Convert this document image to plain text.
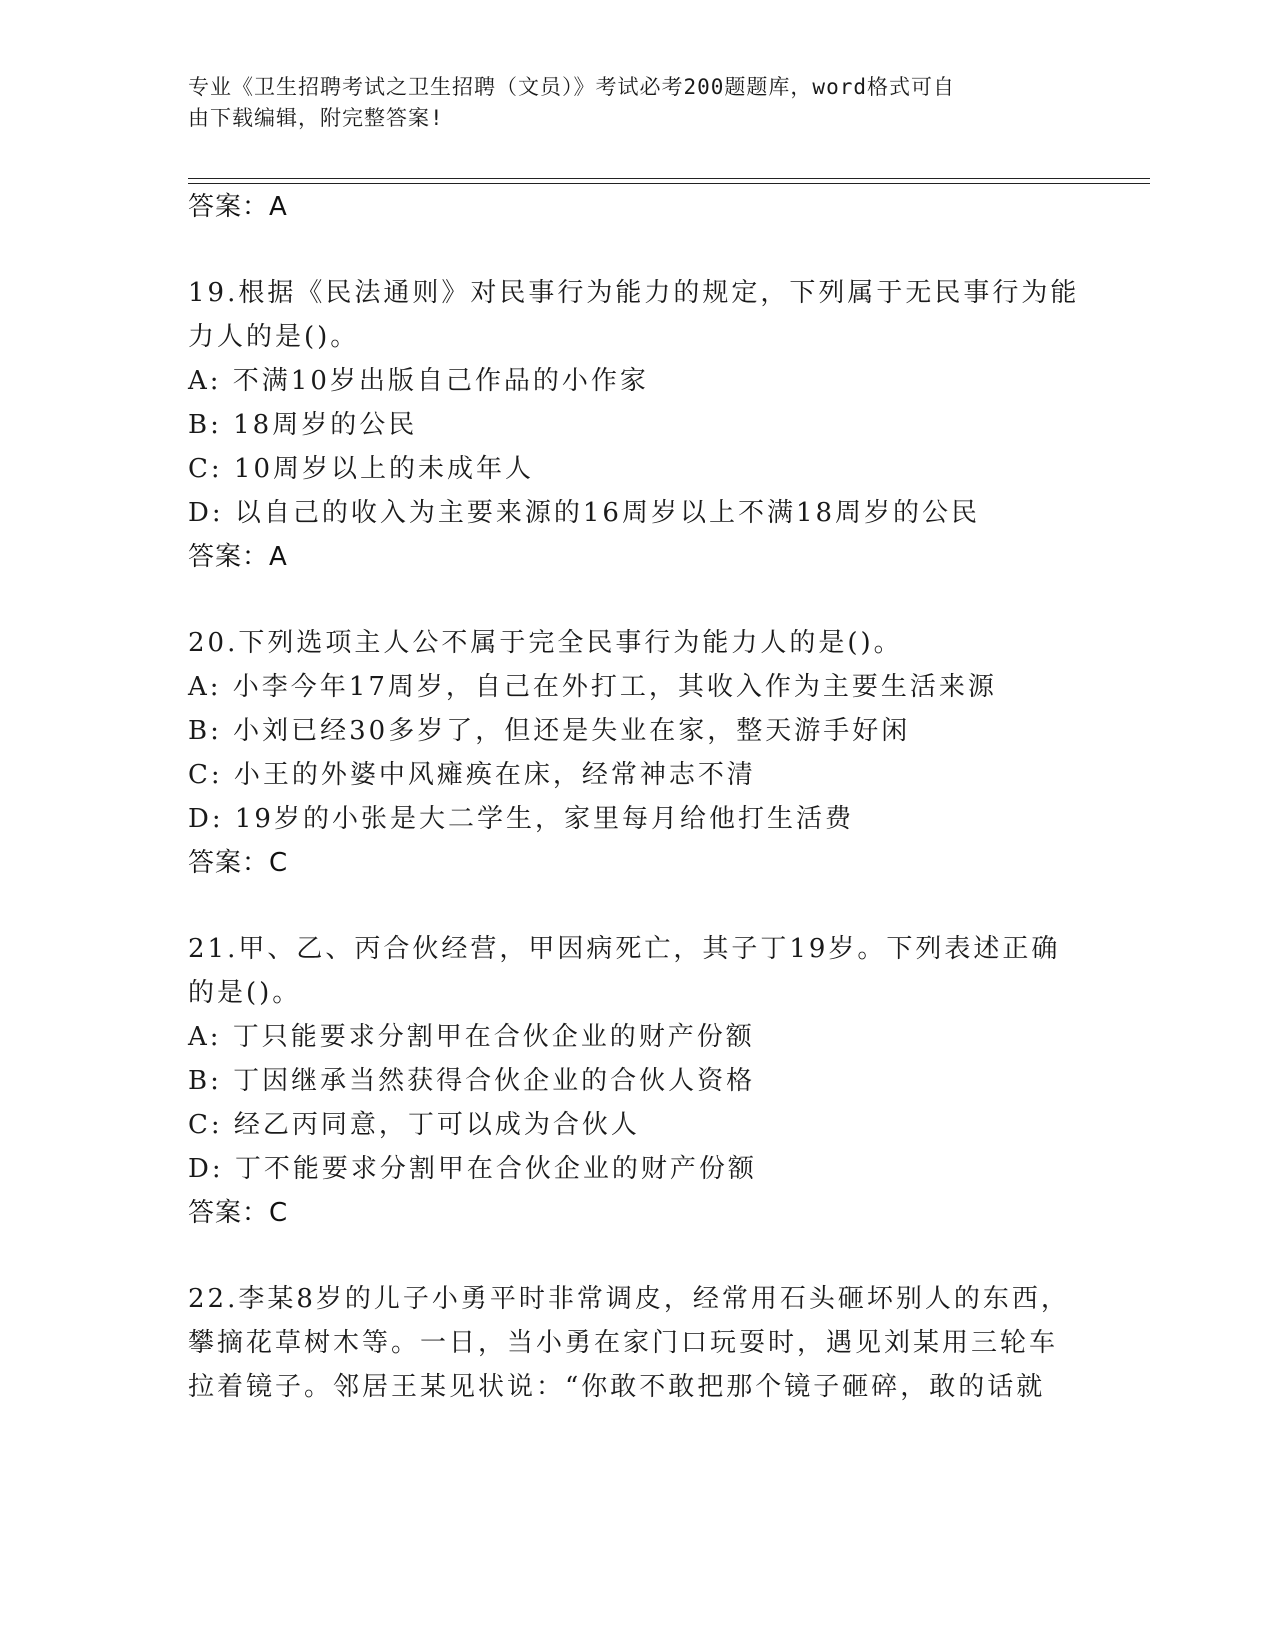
专业《卫生招聘考试之卫生招聘（文员）》考试必考200题题库，word格式可自
由下载编辑，附完整答案!
答案：A
19.根据《民法通则》对民事行为能力的规定，下列属于无民事行为能
力人的是()。
A: 不满10岁出版自己作品的小作家
B: 18周岁的公民
C: 10周岁以上的未成年人
D: 以自己的收入为主要来源的16周岁以上不满18周岁的公民
答案：A
20.下列选项主人公不属于完全民事行为能力人的是()。
A: 小李今年17周岁，自己在外打工，其收入作为主要生活来源
B: 小刘已经30多岁了，但还是失业在家，整天游手好闲
C: 小王的外婆中风瘫痪在床，经常神志不清
D: 19岁的小张是大二学生，家里每月给他打生活费
答案：C
21.甲、乙、丙合伙经营，甲因病死亡，其子丁19岁。下列表述正确
的是()。
A: 丁只能要求分割甲在合伙企业的财产份额
B: 丁因继承当然获得合伙企业的合伙人资格
C: 经乙丙同意，丁可以成为合伙人
D: 丁不能要求分割甲在合伙企业的财产份额
答案：C
22.李某8岁的儿子小勇平时非常调皮，经常用石头砸坏别人的东西，
攀摘花草树木等。一日，当小勇在家门口玩耍时，遇见刘某用三轮车
拉着镜子。邻居王某见状说：“你敢不敢把那个镜子砸碎，敢的话就
